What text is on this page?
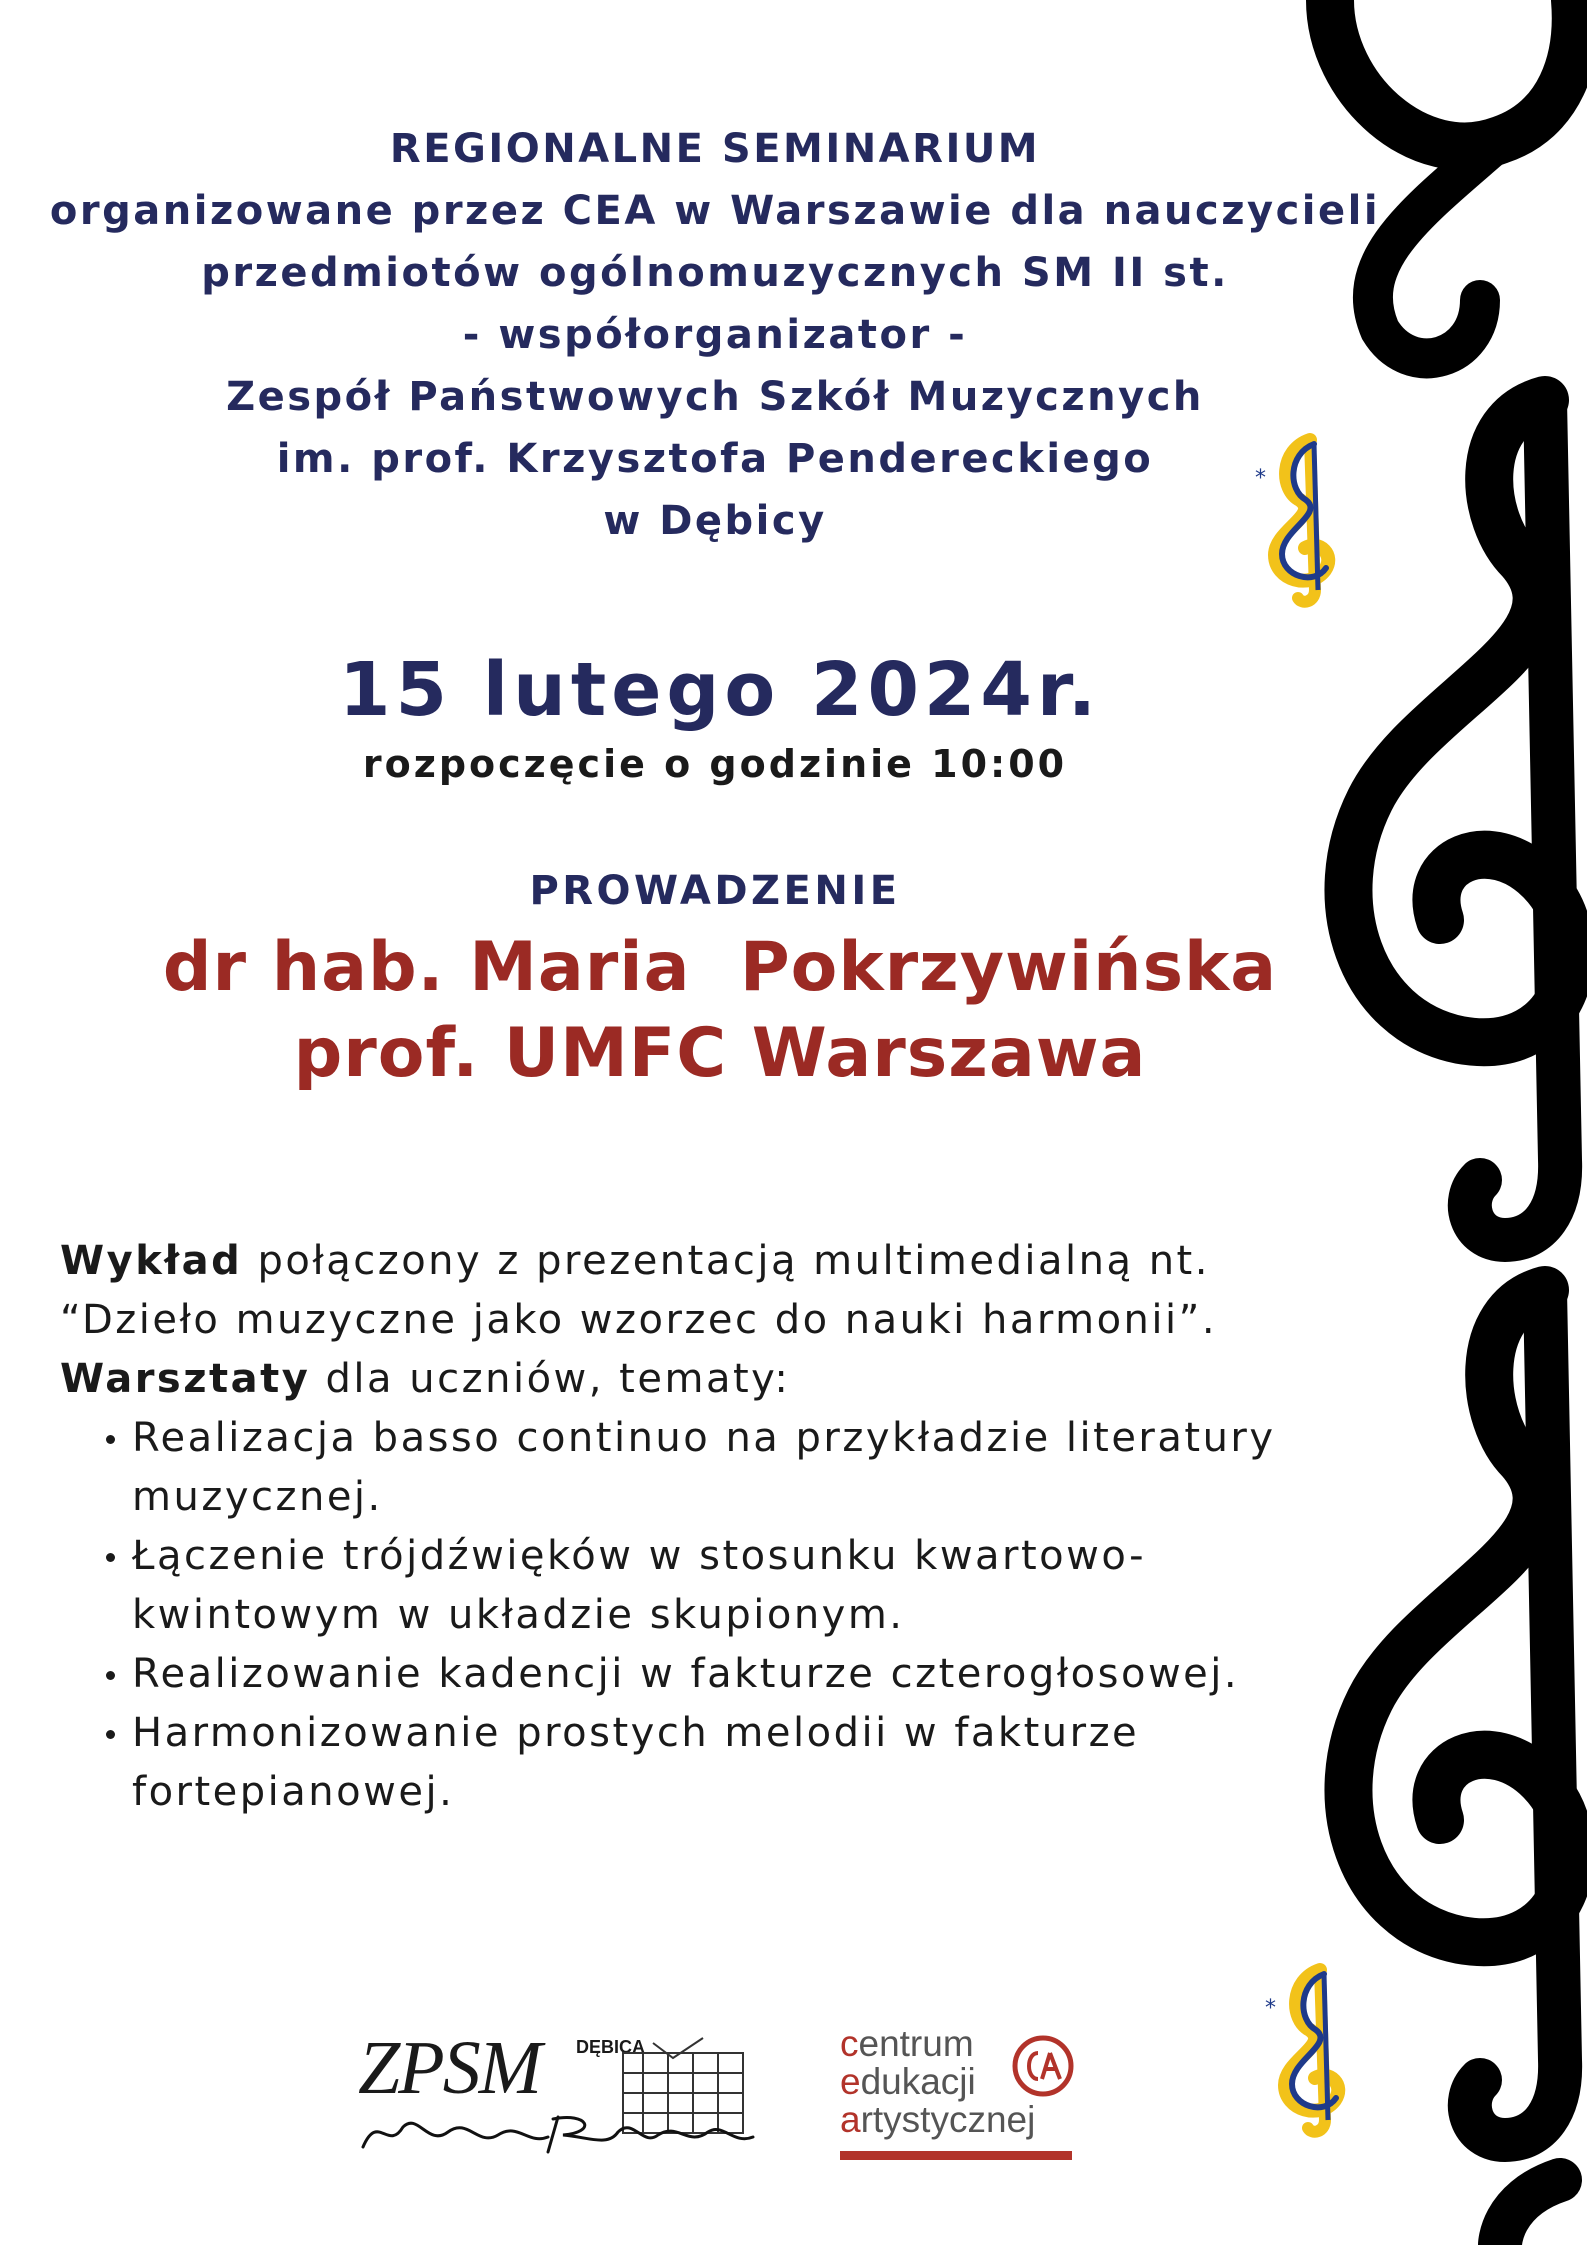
*
*
REGIONALNE SEMINARIUM
organizowane przez CEA w Warszawie dla nauczycieli
przedmiotów ogólnomuzycznych SM II st.
- współorganizator -
Zespół Państwowych Szkół Muzycznych
im. prof. Krzysztofa Pendereckiego
w Dębicy
15 lutego 2024r.
rozpoczęcie o godzinie 10:00
PROWADZENIE
dr hab. Maria  Pokrzywińska
prof. UMFC Warszawa

Wykład połączony z prezentacją multimedialną nt.

“Dzieło muzyczne jako wzorzec do nauki harmonii”.

Warsztaty dla uczniów, tematy:

Realizacja basso continuo na przykładzie literatury muzycznej.
Łączenie trójdźwięków w stosunku kwartowo-kwintowym w układzie skupionym.
Realizowanie kadencji w fakturze czterogłosowej.
Harmonizowanie prostych melodii w fakturze fortepianowej.
ZPSM DĘBICA	centrum
edukacji
artystycznej
